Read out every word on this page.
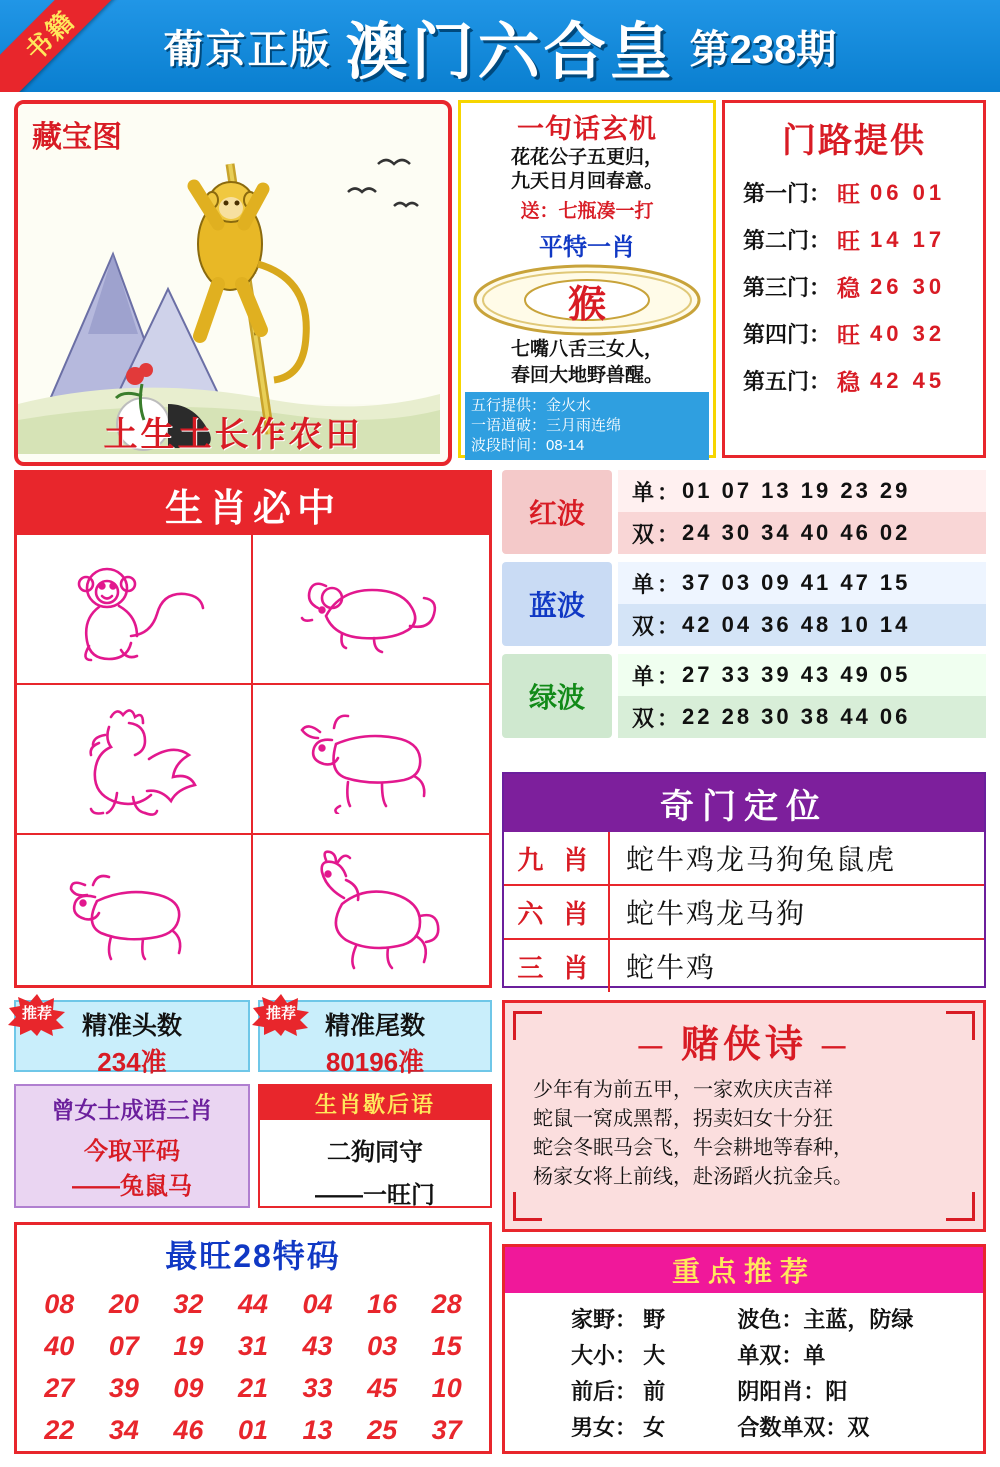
葡京正版 澳门六合皇 第238期
书籍
藏宝图
土生土长作农田
一句话玄机
花花公子五更归，
九天日月回春意。
送：七瓶凑一打
平特一肖
猴
七嘴八舌三女人，
春回大地野兽醒。
五行提供：金火水
一语道破：三月雨连绵
波段时间：08-14
门路提供
第一门： 旺 06 01
第二门： 旺 14 17
第三门： 稳 26 30
第四门： 旺 40 32
第五门： 稳 42 45
生肖必中	红波
单： 01 07 13 19 23 29
双： 24 30 34 40 46 02
蓝波
单： 37 03 09 41 47 15
双： 42 04 36 48 10 14
绿波
单： 27 33 39 43 49 05
双： 22 28 30 38 44 06
奇门定位
九 肖	蛇牛鸡龙马狗兔鼠虎
六 肖	蛇牛鸡龙马狗
三 肖	蛇牛鸡
精准头数
234准
推荐	精准尾数
80196准
推荐
曾女士成语三肖
今取平码
——兔鼠马
生肖歇后语
二狗同守
——一旺门
最旺28特码
08	20	32	44	04	16	28
40	07	19	31	43	03	15
27	39	09	21	33	45	10
22	34	46	01	13	25	37
— 赌侠诗 —
少年有为前五甲，一家欢庆庆吉祥
蛇鼠一窝成黑帮，拐卖妇女十分狂
蛇会冬眠马会飞，牛会耕地等春种，
杨家女将上前线，赴汤蹈火抗金兵。
重点推荐
家野： 野	波色：主蓝，防绿
大小： 大	单双：单
前后： 前	阴阳肖：阳
男女： 女	合数单双：双
